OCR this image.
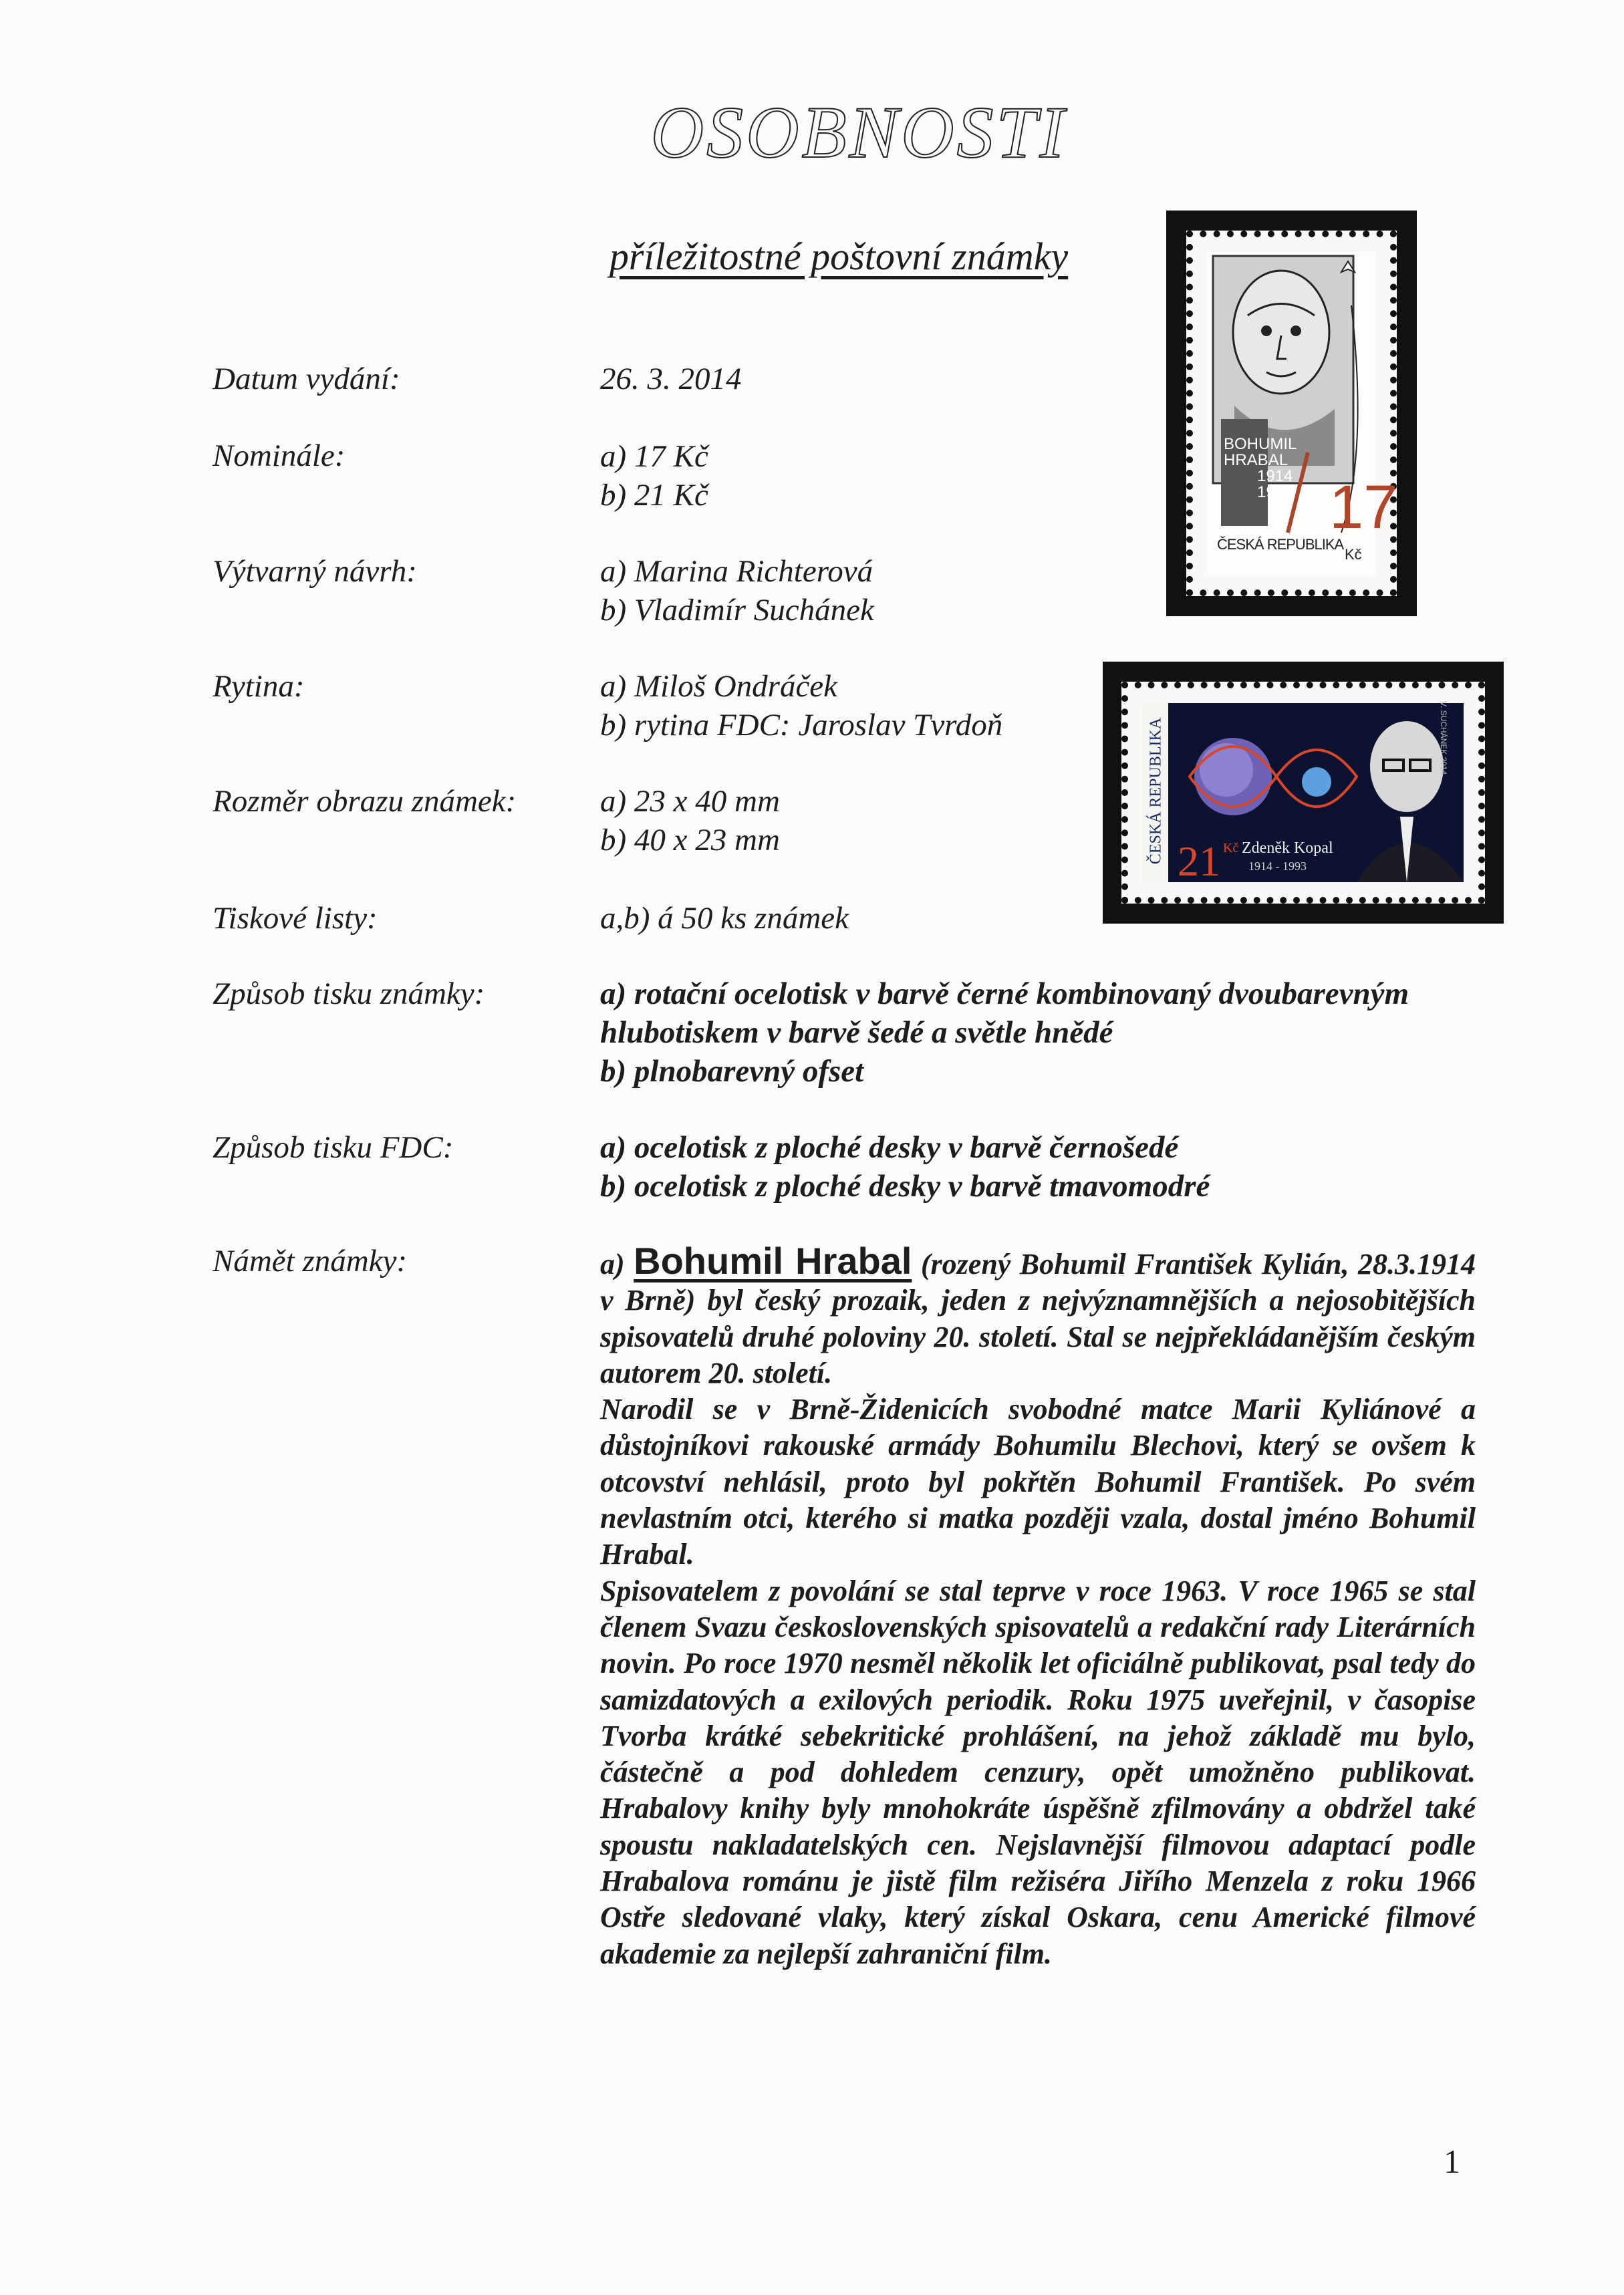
OSOBNOSTI
příležitostné poštovní známky
Datum vydání:
Nominále:
Výtvarný návrh:
Rytina:
Rozměr obrazu známek:
Tiskové listy:
Způsob tisku známky:
Způsob tisku FDC:
Námět známky:
26. 3. 2014
a) 17 Kč
b) 21 Kč
a) Marina Richterová
b) Vladimír Suchánek
a) Miloš Ondráček
b) rytina FDC: Jaroslav Tvrdoň
a) 23 x 40 mm
b) 40 x 23 mm
a,b) á 50 ks známek
a) rotační ocelotisk v barvě černé kombinovaný dvoubarevným
hlubotiskem v barvě šedé a světle hnědé
b) plnobarevný ofset
a) ocelotisk z ploché desky v barvě černošedé
b) ocelotisk z ploché desky v barvě tmavomodré

a) Bohumil Hrabal (rozený Bohumil František Kylián, 28.3.1914 v Brně) byl český prozaik, jeden z nejvýznamnějších a nejosobitějších spisovatelů druhé poloviny 20. století. Stal se nejpřekládanějším českým autorem 20. století.

Narodil se v Brně-Židenicích svobodné matce Marii Kyliánové a důstojníkovi rakouské armády Bohumilu Blechovi, který se ovšem k otcovství nehlásil, proto byl pokřtěn Bohumil František. Po svém nevlastním otci, kterého si matka později vzala, dostal jméno Bohumil Hrabal.

Spisovatelem z povolání se stal teprve v roce 1963. V roce 1965 se stal členem Svazu československých spisovatelů a redakční rady Literárních novin. Po roce 1970 nesměl několik let oficiálně publikovat, psal tedy do samizdatových a exilových periodik. Roku 1975 uveřejnil, v časopise Tvorba krátké sebekritické prohlášení, na jehož základě mu bylo, částečně a pod dohledem cenzury, opět umožněno publikovat. Hrabalovy knihy byly mnohokráte úspěšně zfilmovány a obdržel také spoustu nakladatelských cen. Nejslavnější filmovou adaptací podle Hrabalova románu je jistě film režiséra Jiřího Menzela z roku 1966 Ostře sledované vlaky, který získal Oskara, cenu Americké filmové akademie za nejlepší zahraniční film.

BOHUMIL
HRABAL
1914
1997
ČESKÁ REPUBLIKA
17
Kč
ČESKÁ REPUBLIKA 21 Kč Zdeněk Kopal
1914 - 1993
V. SUCHÁNEK 2014
1
